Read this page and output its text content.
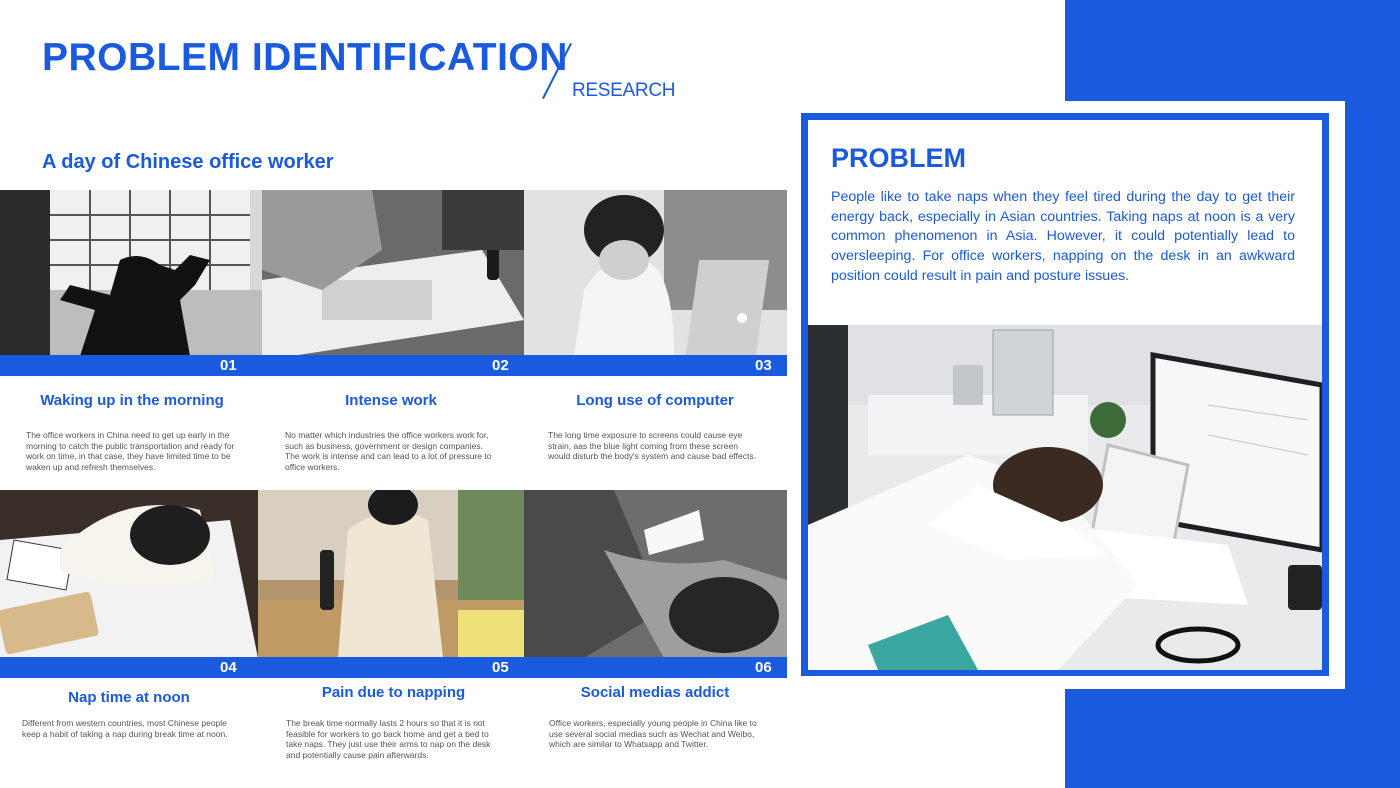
PROBLEM
People like to take naps when they feel tired during the day to get their energy back, especially in Asian countries. Taking naps at noon is a very common phenomenon in Asia. However, it could potentially lead to oversleeping. For office workers, napping on the desk in an awkward position could result in pain and posture issues.
PROBLEM IDENTIFICATION
RESEARCH
A day of Chinese office worker
01	02	03
Waking up in the morning	Intense work	Long use of computer
The office workers in China need to get up early in the morning to catch the public transportation and ready for work on time, in that case, they have limited time to be waken up and refresh themselves.
No matter which industries the office workers work for, such as business, government or design companies. The work is intense and can lead to a lot of pressure to office workers.
The long time exposure to screens could cause eye strain, aas the blue light coming from these screen would disturb the body's system and cause bad effects.
04	05	06
Nap time at noon	Pain due to napping	Social medias addict
Different from western countries, most Chinese people keep a habit of taking a nap during break time at noon.
The break time normally lasts 2 hours so that it is not feasible for workers to go back home and get a bed to take naps. They just use their arms to nap on the desk and potentially cause pain afterwards.
Office workers, especially young people in China like to use several social medias such as Wechat and Weibo, which are similar to Whatsapp and Twitter.
